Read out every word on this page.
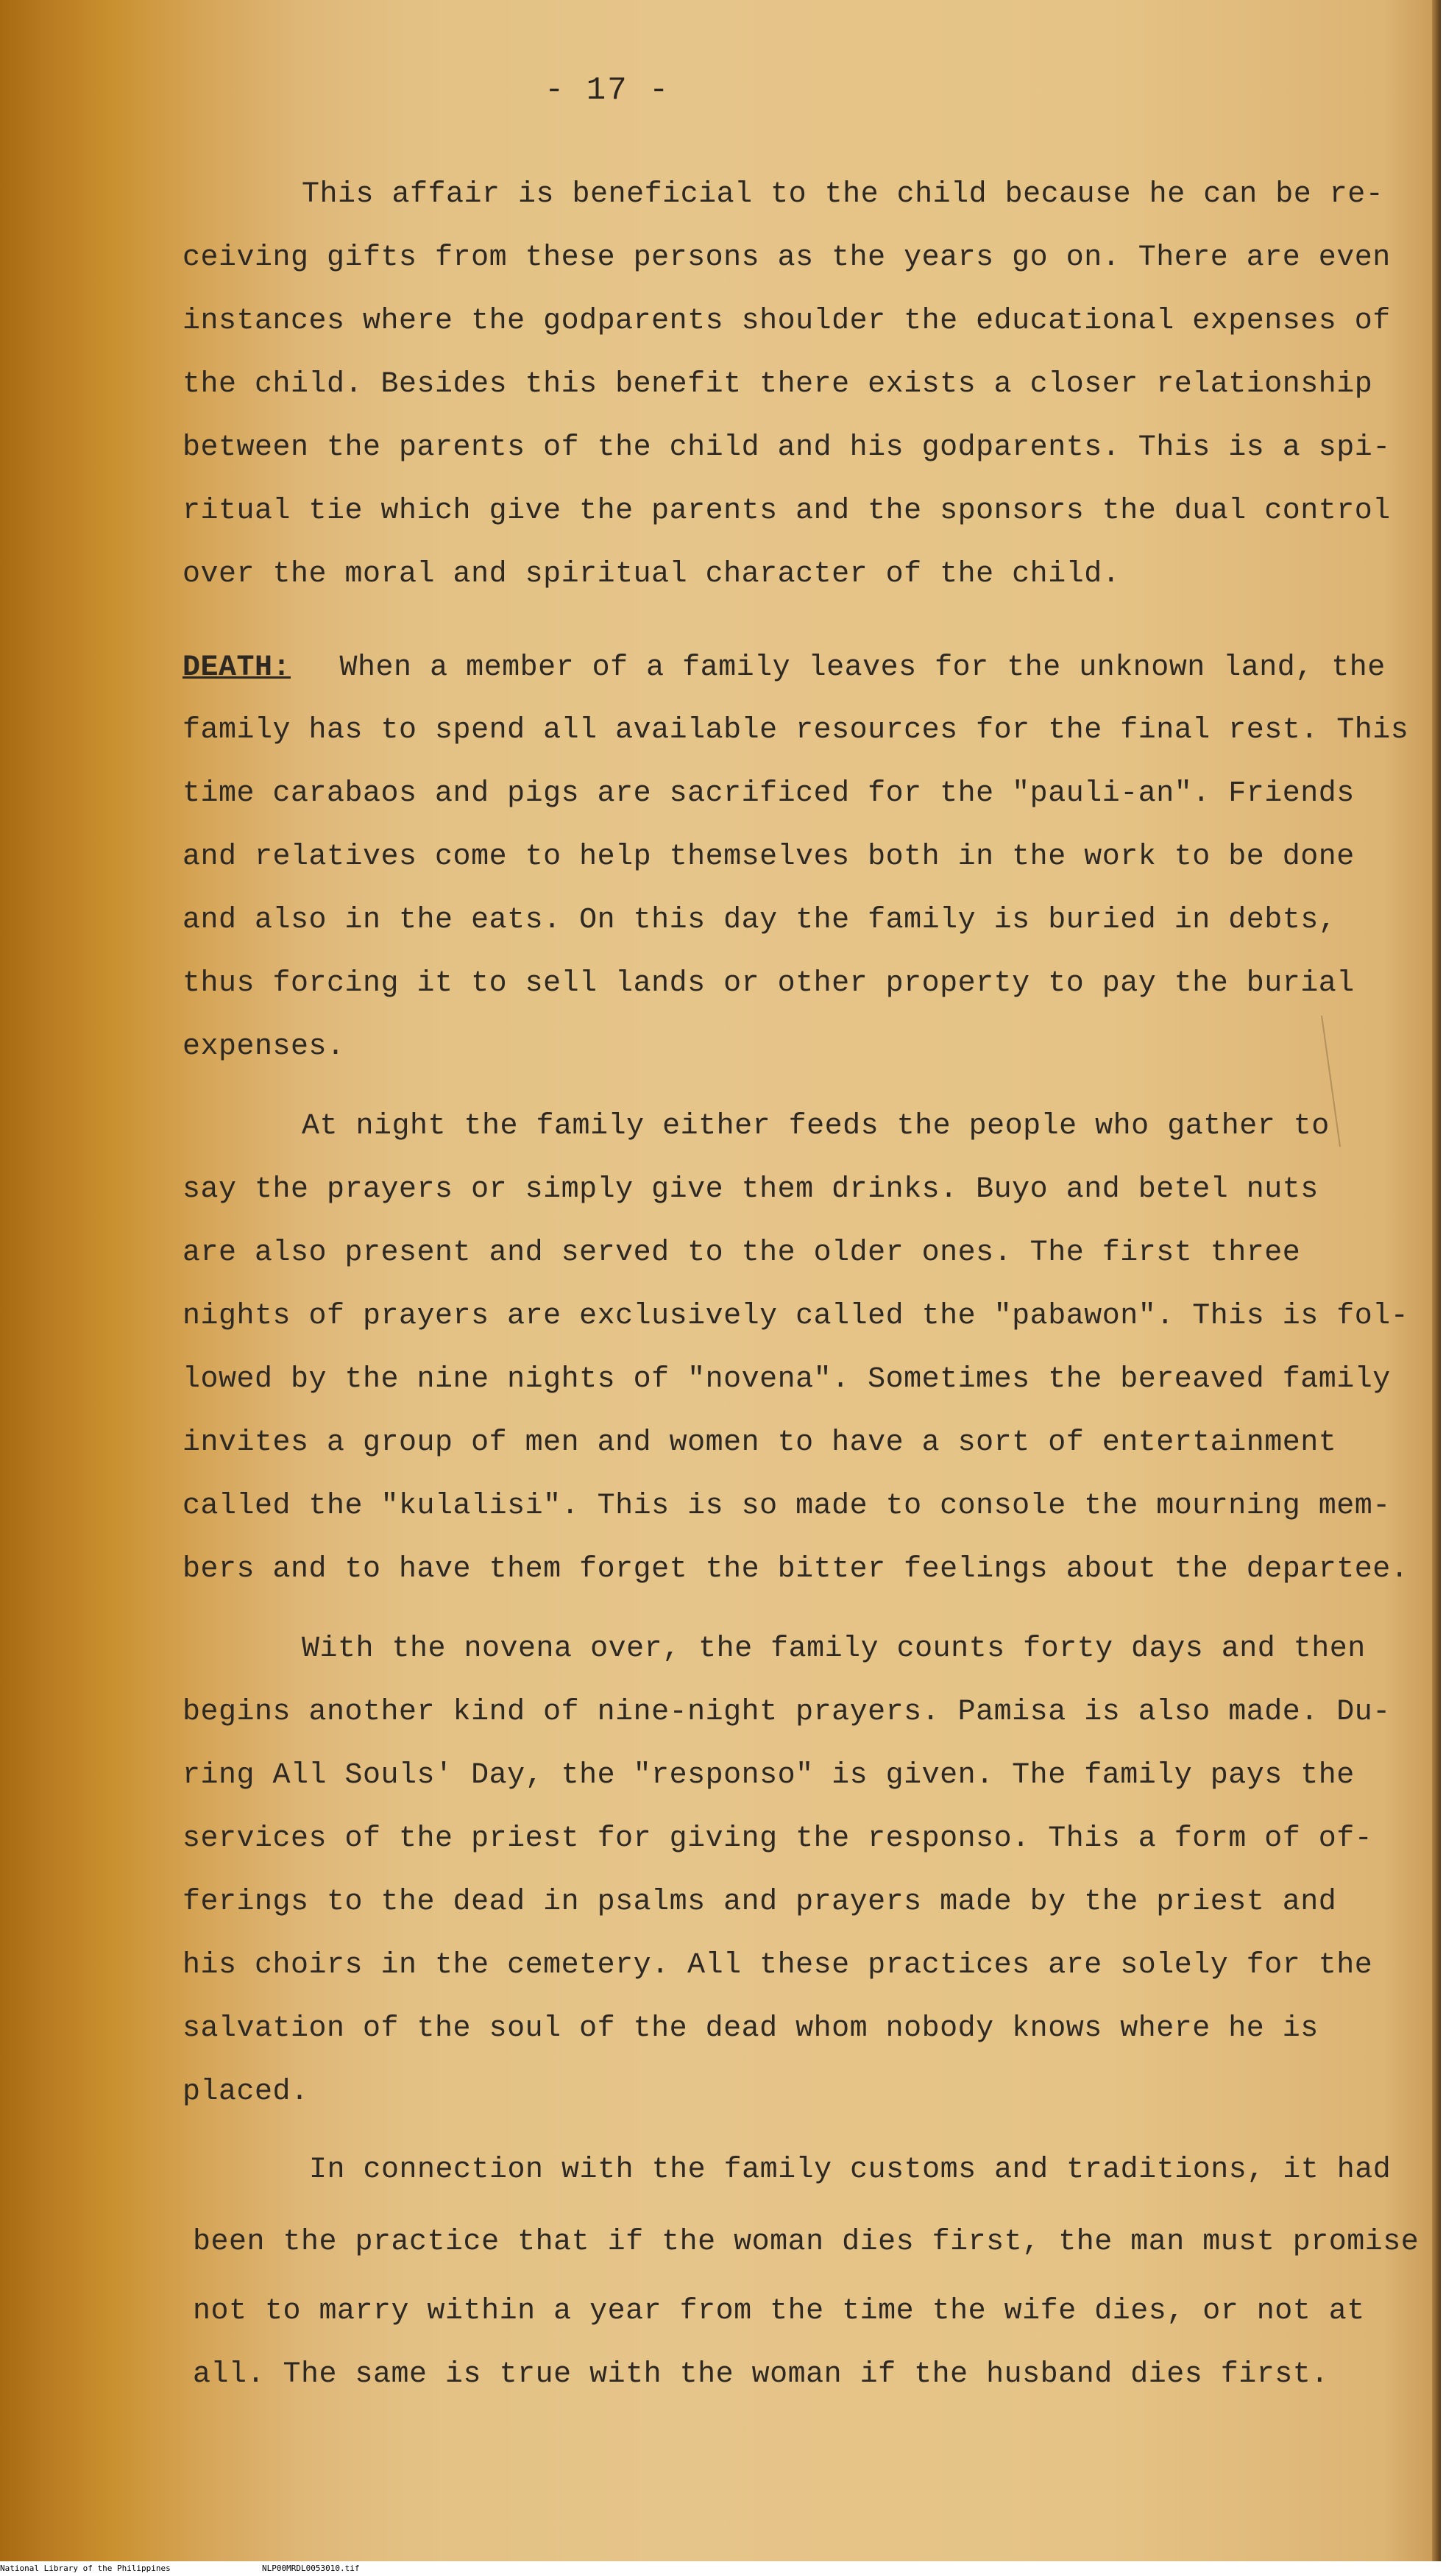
- 17 -
This affair is beneficial to the child because he can be re-
ceiving gifts from these persons as the years go on. There are even
instances where the godparents shoulder the educational expenses of
the child. Besides this benefit there exists a closer relationship
between the parents of the child and his godparents. This is a spi-
ritual tie which give the parents and the sponsors the dual control
over the moral and spiritual character of the child.
DEATH: When a member of a family leaves for the unknown land, the
family has to spend all available resources for the final rest. This
time carabaos and pigs are sacrificed for the "pauli-an". Friends
and relatives come to help themselves both in the work to be done
and also in the eats. On this day the family is buried in debts,
thus forcing it to sell lands or other property to pay the burial
expenses.
At night the family either feeds the people who gather to
say the prayers or simply give them drinks. Buyo and betel nuts
are also present and served to the older ones. The first three
nights of prayers are exclusively called the "pabawon". This is fol-
lowed by the nine nights of "novena". Sometimes the bereaved family
invites a group of men and women to have a sort of entertainment
called the "kulalisi". This is so made to console the mourning mem-
bers and to have them forget the bitter feelings about the departee.
With the novena over, the family counts forty days and then
begins another kind of nine-night prayers. Pamisa is also made. Du-
ring All Souls' Day, the "responso" is given. The family pays the
services of the priest for giving the responso. This a form of of-
ferings to the dead in psalms and prayers made by the priest and
his choirs in the cemetery. All these practices are solely for the
salvation of the soul of the dead whom nobody knows where he is
placed.
In connection with the family customs and traditions, it had
been the practice that if the woman dies first, the man must promise
not to marry within a year from the time the wife dies, or not at
all. The same is true with the woman if the husband dies first.
National Library of the Philippines	NLP00MRDL0053010.tif
